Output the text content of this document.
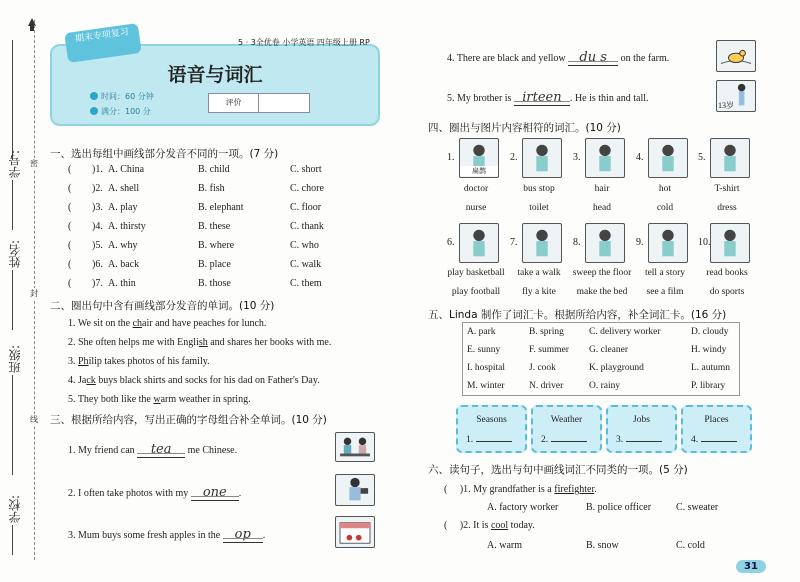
学号:
姓名:
班级:
学校:
密
封
线
期末专项复习	5 · 3全优卷 小学英语 四年级上册 RP
语音与词汇
时间：60 分钟
满分：100 分
评价
一、选出每组中画线部分发音不同的一项。(7 分)
( )1. A. China	B. child	C. short
( )2. A. shell	B. fish	C. chore
( )3. A. play	B. elephant	C. floor
( )4. A. thirsty	B. these	C. thank
( )5. A. why	B. where	C. who
( )6. A. back	B. place	C. walk
( )7. A. thin	B. those	C. them
二、圈出句中含有画线部分发音的单词。(10 分)
1. We sit on the chair and have peaches for lunch.
2. She often helps me with English and shares her books with me.
3. Philip takes photos of his family.
4. Jack buys black shirts and socks for his dad on Father's Day.
5. They both like the warm weather in spring.
三、根据所给内容，写出正确的字母组合补全单词。(10 分)
1. My friend can tea me Chinese.
2. I often take photos with my one .
3. Mum buys some fresh apples in the op .
4. There are black and yellow du s on the farm.
5. My brother is irteen . He is thin and tall.
13岁
四、圈出与图片内容相符的词汇。(10 分)
1.
扁鹊
doctor
nurse
2.
bus stop
toilet
3.
hair
head
4.
hot
cold
5.
T-shirt
dress
6.
play basketball
play football
7.
take a walk
fly a kite
8.
sweep the floor
make the bed
9.
tell a story
see a film
10.
read books
do sports
五、Linda 制作了词汇卡。根据所给内容，补全词汇卡。(16 分)
A. park	B. spring	C. delivery worker	D. cloudy
E. sunny	F. summer G. cleaner	H. windy
I. hospital	J. cook	K. playground	L. autumn
M. winter	N. driver	O. rainy	P. library
Seasons
1.
Weather
2.
Jobs
3.
Places
4.
六、读句子，选出与句中画线词汇不同类的一项。(5 分)
(     )1. My grandfather is a firefighter.
A. factory worker	B. police officer C. sweater
(     )2. It is cool today.
A. warm	B. snow	C. cold
31
